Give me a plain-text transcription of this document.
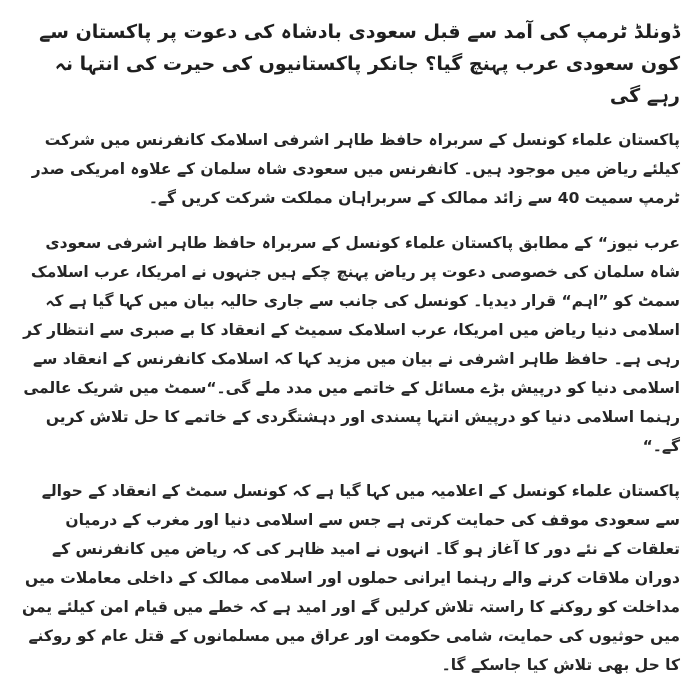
ڈونلڈ ٹرمپ کی آمد سے قبل سعودی بادشاہ کی دعوت پر پاکستان سے کون سعودی عرب پہنچ گیا؟ جانکر پاکستانیوں کی حیرت کی انتہا نہ رہے گی

پاکستان علماء کونسل کے سربراہ حافظ طاہر اشرفی اسلامک کانفرنس میں شرکت کیلئے ریاض میں موجود ہیں۔ کانفرنس میں سعودی شاہ سلمان کے علاوہ امریکی صدر ٹرمپ سمیت 40 سے زائد ممالک کے سربراہان مملکت شرکت کریں گے۔

عرب نیوز“ کے مطابق پاکستان علماء کونسل کے سربراہ حافظ طاہر اشرفی سعودی شاہ سلمان کی خصوصی دعوت پر ریاض پہنچ چکے ہیں جنہوں نے امریکا، عرب اسلامک سمٹ کو ”اہم“ قرار دیدیا۔ کونسل کی جانب سے جاری حالیہ بیان میں کہا گیا ہے کہ اسلامی دنیا ریاض میں امریکا، عرب اسلامک سمیٹ کے انعقاد کا بے صبری سے انتظار کر رہی ہے۔ حافظ طاہر اشرفی نے بیان میں مزید کہا کہ اسلامک کانفرنس کے انعقاد سے اسلامی دنیا کو درپیش بڑے مسائل کے خاتمے میں مدد ملے گی۔“سمٹ میں شریک عالمی رہنما اسلامی دنیا کو درپیش انتہا پسندی اور دہشتگردی کے خاتمے کا حل تلاش کریں گے۔“

پاکستان علماء کونسل کے اعلامیہ میں کہا گیا ہے کہ کونسل سمٹ کے انعقاد کے حوالے سے سعودی موقف کی حمایت کرتی ہے جس سے اسلامی دنیا اور مغرب کے درمیان تعلقات کے نئے دور کا آغاز ہو گا۔ انہوں نے امید ظاہر کی کہ ریاض میں کانفرنس کے دوران ملاقات کرنے والے رہنما ایرانی حملوں اور اسلامی ممالک کے داخلی معاملات میں مداخلت کو روکنے کا راستہ تلاش کرلیں گے اور امید ہے کہ خطے میں قیام امن کیلئے یمن میں حوثیوں کی حمایت، شامی حکومت اور عراق میں مسلمانوں کے قتل عام کو روکنے کا حل بھی تلاش کیا جاسکے گا۔
